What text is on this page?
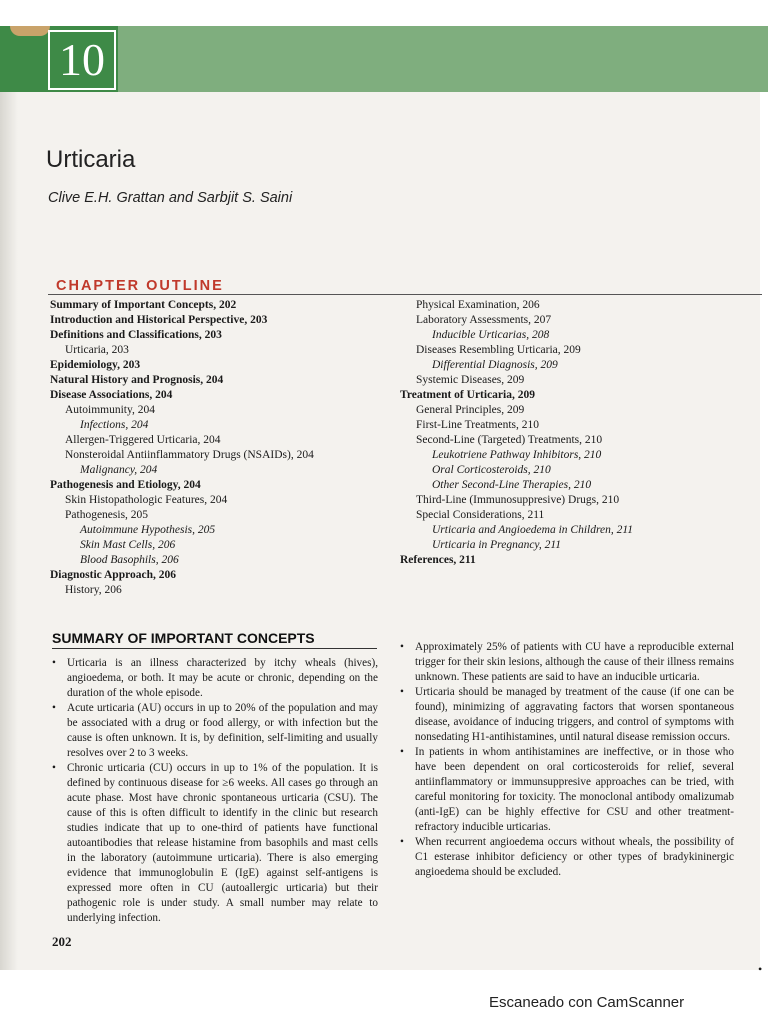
10
Urticaria
Clive E.H. Grattan and Sarbjit S. Saini
CHAPTER OUTLINE
Summary of Important Concepts, 202
Introduction and Historical Perspective, 203
Definitions and Classifications, 203
Urticaria, 203
Epidemiology, 203
Natural History and Prognosis, 204
Disease Associations, 204
Autoimmunity, 204
Infections, 204
Allergen-Triggered Urticaria, 204
Nonsteroidal Antiinflammatory Drugs (NSAIDs), 204
Malignancy, 204
Pathogenesis and Etiology, 204
Skin Histopathologic Features, 204
Pathogenesis, 205
Autoimmune Hypothesis, 205
Skin Mast Cells, 206
Blood Basophils, 206
Diagnostic Approach, 206
History, 206
Physical Examination, 206
Laboratory Assessments, 207
Inducible Urticarias, 208
Diseases Resembling Urticaria, 209
Differential Diagnosis, 209
Systemic Diseases, 209
Treatment of Urticaria, 209
General Principles, 209
First-Line Treatments, 210
Second-Line (Targeted) Treatments, 210
Leukotriene Pathway Inhibitors, 210
Oral Corticosteroids, 210
Other Second-Line Therapies, 210
Third-Line (Immunosuppresive) Drugs, 210
Special Considerations, 211
Urticaria and Angioedema in Children, 211
Urticaria in Pregnancy, 211
References, 211
SUMMARY OF IMPORTANT CONCEPTS
• Urticaria is an illness characterized by itchy wheals (hives), angioedema, or both. It may be acute or chronic, depending on the duration of the whole episode.
• Acute urticaria (AU) occurs in up to 20% of the population and may be associated with a drug or food allergy, or with infection but the cause is often unknown. It is, by definition, self-limiting and usually resolves over 2 to 3 weeks.
• Chronic urticaria (CU) occurs in up to 1% of the population. It is defined by continuous disease for ≥6 weeks. All cases go through an acute phase. Most have chronic spontaneous urticaria (CSU). The cause of this is often difficult to identify in the clinic but research studies indicate that up to one-third of patients have functional autoantibodies that release histamine from basophils and mast cells in the laboratory (autoimmune urticaria). There is also emerging evidence that immunoglobulin E (IgE) against self-antigens is expressed more often in CU (autoallergic urticaria) but their pathogenic role is under study. A small number may relate to underlying infection.
• Approximately 25% of patients with CU have a reproducible external trigger for their skin lesions, although the cause of their illness remains unknown. These patients are said to have an inducible urticaria.
• Urticaria should be managed by treatment of the cause (if one can be found), minimizing of aggravating factors that worsen spontaneous disease, avoidance of inducing triggers, and control of symptoms with nonsedating H1-antihistamines, until natural disease remission occurs.
• In patients in whom antihistamines are ineffective, or in those who have been dependent on oral corticosteroids for relief, several antiinflammatory or immunsuppresive approaches can be tried, with careful monitoring for toxicity. The monoclonal antibody omalizumab (anti-IgE) can be highly effective for CSU and other treatment-refractory inducible urticarias.
• When recurrent angioedema occurs without wheals, the possibility of C1 esterase inhibitor deficiency or other types of bradykininergic angioedema should be excluded.
202
•
Escaneado con CamScanner
